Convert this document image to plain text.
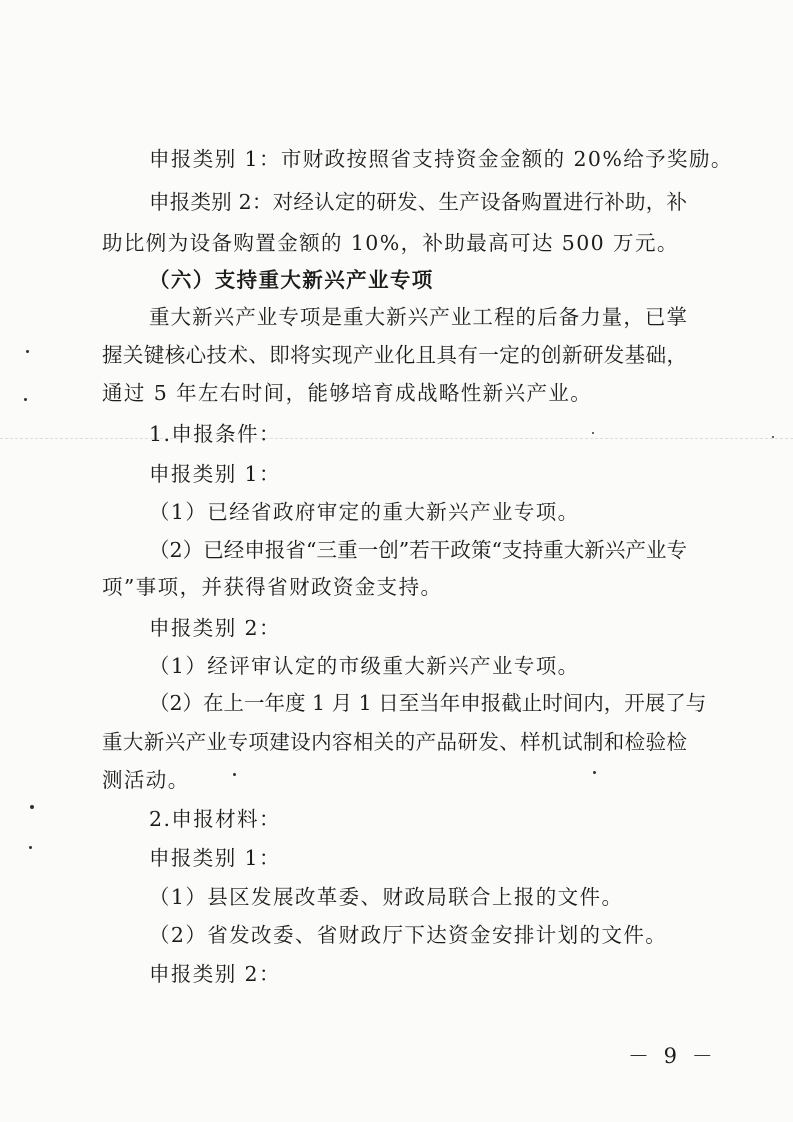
申报类别 1：市财政按照省支持资金金额的 20%给予奖励。
申报类别 2：对经认定的研发、生产设备购置进行补助，补
助比例为设备购置金额的 10%，补助最高可达 500 万元。
（六）支持重大新兴产业专项
重大新兴产业专项是重大新兴产业工程的后备力量，已掌
握关键核心技术、即将实现产业化且具有一定的创新研发基础，
通过 5 年左右时间，能够培育成战略性新兴产业。
1.申报条件：
申报类别 1：
（1）已经省政府审定的重大新兴产业专项。
（2）已经申报省“三重一创”若干政策“支持重大新兴产业专
项”事项，并获得省财政资金支持。
申报类别 2：
（1）经评审认定的市级重大新兴产业专项。
（2）在上一年度 1 月 1 日至当年申报截止时间内，开展了与
重大新兴产业专项建设内容相关的产品研发、样机试制和检验检
测活动。
2.申报材料：
申报类别 1：
（1）县区发展改革委、财政局联合上报的文件。
（2）省发改委、省财政厅下达资金安排计划的文件。
申报类别 2：
－ 9 －
